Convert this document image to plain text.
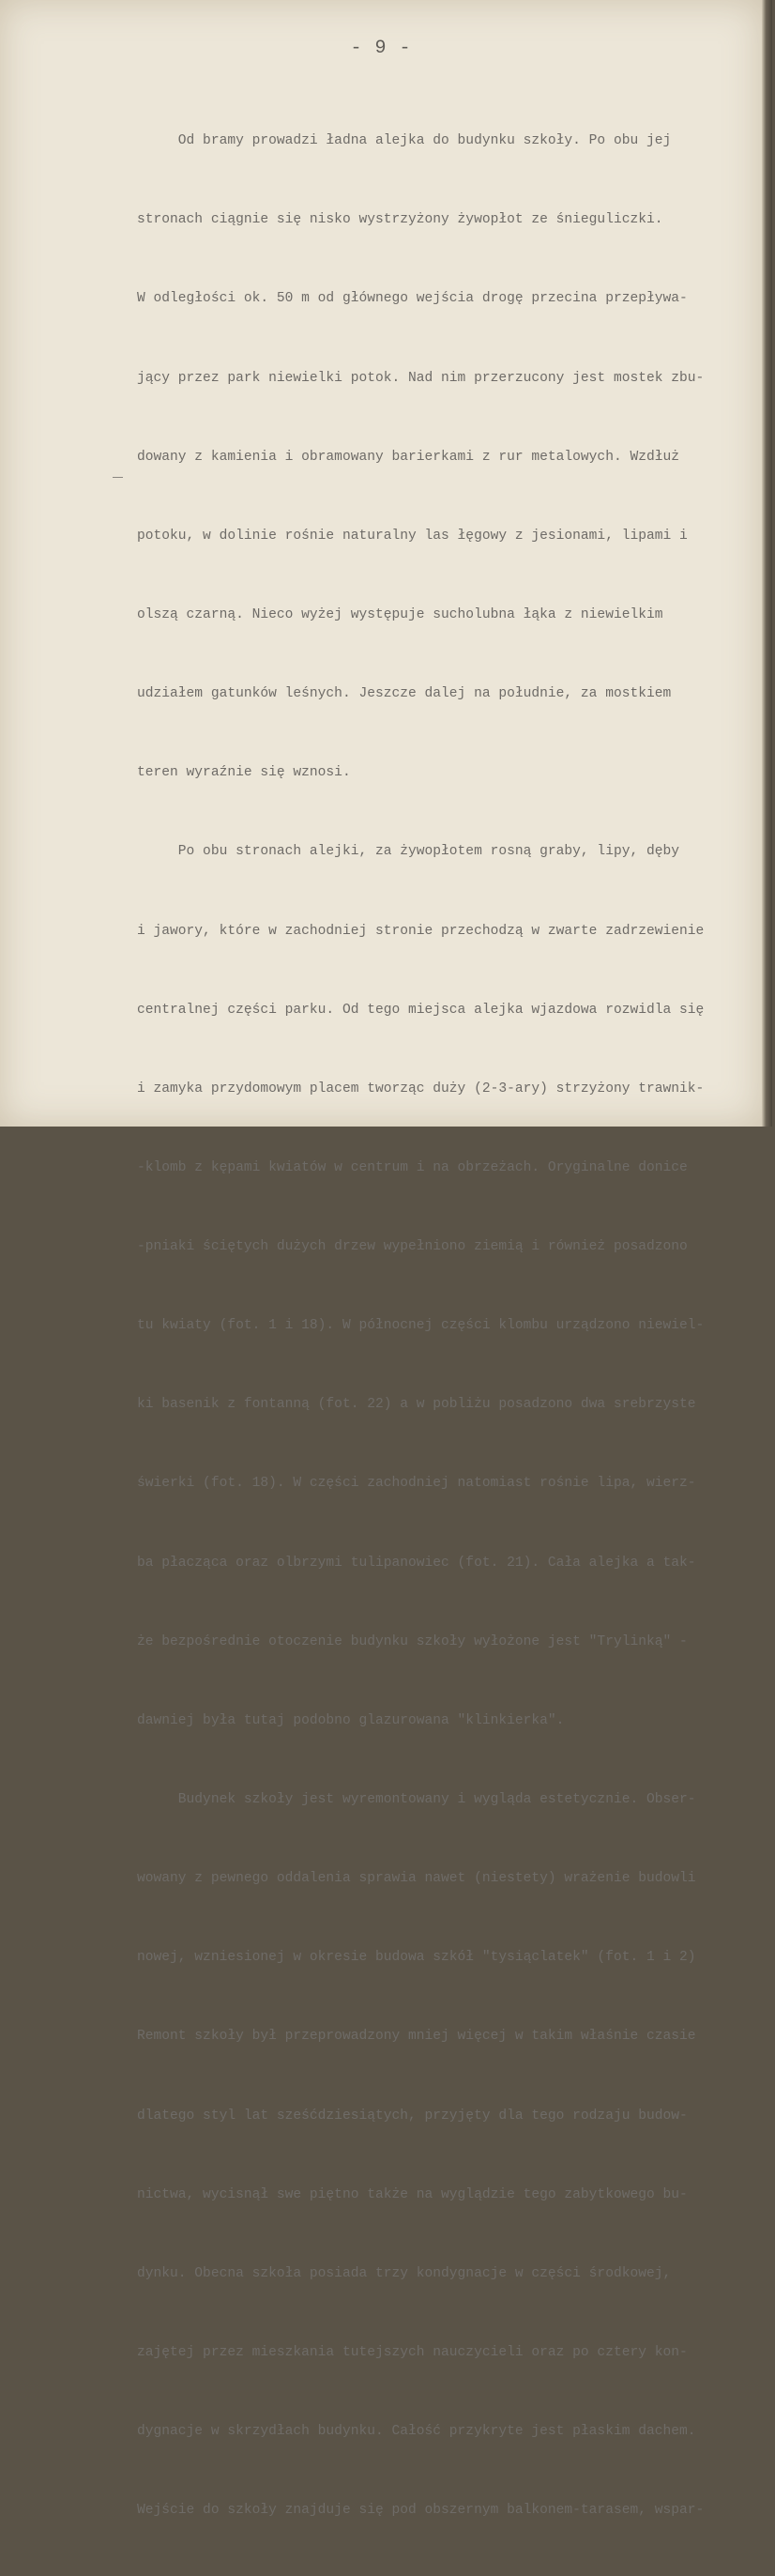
- 9 -

Od bramy prowadzi ładna alejka do budynku szkoły. Po obu jej

stronach ciągnie się nisko wystrzyżony żywopłot ze śnieguliczki.

W odległości ok. 50 m od głównego wejścia drogę przecina przepływa-

jący przez park niewielki potok. Nad nim przerzucony jest mostek zbu-

dowany z kamienia i obramowany barierkami z rur metalowych. Wzdłuż

potoku, w dolinie rośnie naturalny las łęgowy z jesionami, lipami i

olszą czarną. Nieco wyżej występuje sucholubna łąka z niewielkim

udziałem gatunków leśnych. Jeszcze dalej na południe, za mostkiem

teren wyraźnie się wznosi.

Po obu stronach alejki, za żywopłotem rosną graby, lipy, dęby

i jawory, które w zachodniej stronie przechodzą w zwarte zadrzewienie

centralnej części parku. Od tego miejsca alejka wjazdowa rozwidla się

i zamyka przydomowym placem tworząc duży (2-3-ary) strzyżony trawnik-

-klomb z kępami kwiatów w centrum i na obrzeżach. Oryginalne donice

-pniaki ściętych dużych drzew wypełniono ziemią i również posadzono

tu kwiaty (fot. 1 i 18). W północnej części klombu urządzono niewiel-

ki basenik z fontanną (fot. 22) a w pobliżu posadzono dwa srebrzyste

świerki (fot. 18). W części zachodniej natomiast rośnie lipa, wierz-

ba płacząca oraz olbrzymi tulipanowiec (fot. 21). Cała alejka a tak-

że bezpośrednie otoczenie budynku szkoły wyłożone jest "Trylinką" -

dawniej była tutaj podobno glazurowana "klinkierka".

Budynek szkoły jest wyremontowany i wygląda estetycznie. Obser-

wowany z pewnego oddalenia sprawia nawet (niestety) wrażenie budowli

nowej, wzniesionej w okresie budowa szkół "tysiąclatek" (fot. 1 i 2)

Remont szkoły był przeprowadzony mniej więcej w takim właśnie czasie

dlatego styl lat sześćdziesiątych, przyjęty dla tego rodzaju budow-

nictwa, wycisnął swe piętno także na wyglądzie tego zabytkowego bu-

dynku. Obecna szkoła posiada trzy kondygnacje w części środkowej,

zajętej przez mieszkania tutejszych nauczycieli oraz po cztery kon-

dygnacje w skrzydłach budynku. Całość przykryte jest płaskim dachem.

Wejście do szkoły znajduje się pod obszernym balkonem-tarasem, wspar-
